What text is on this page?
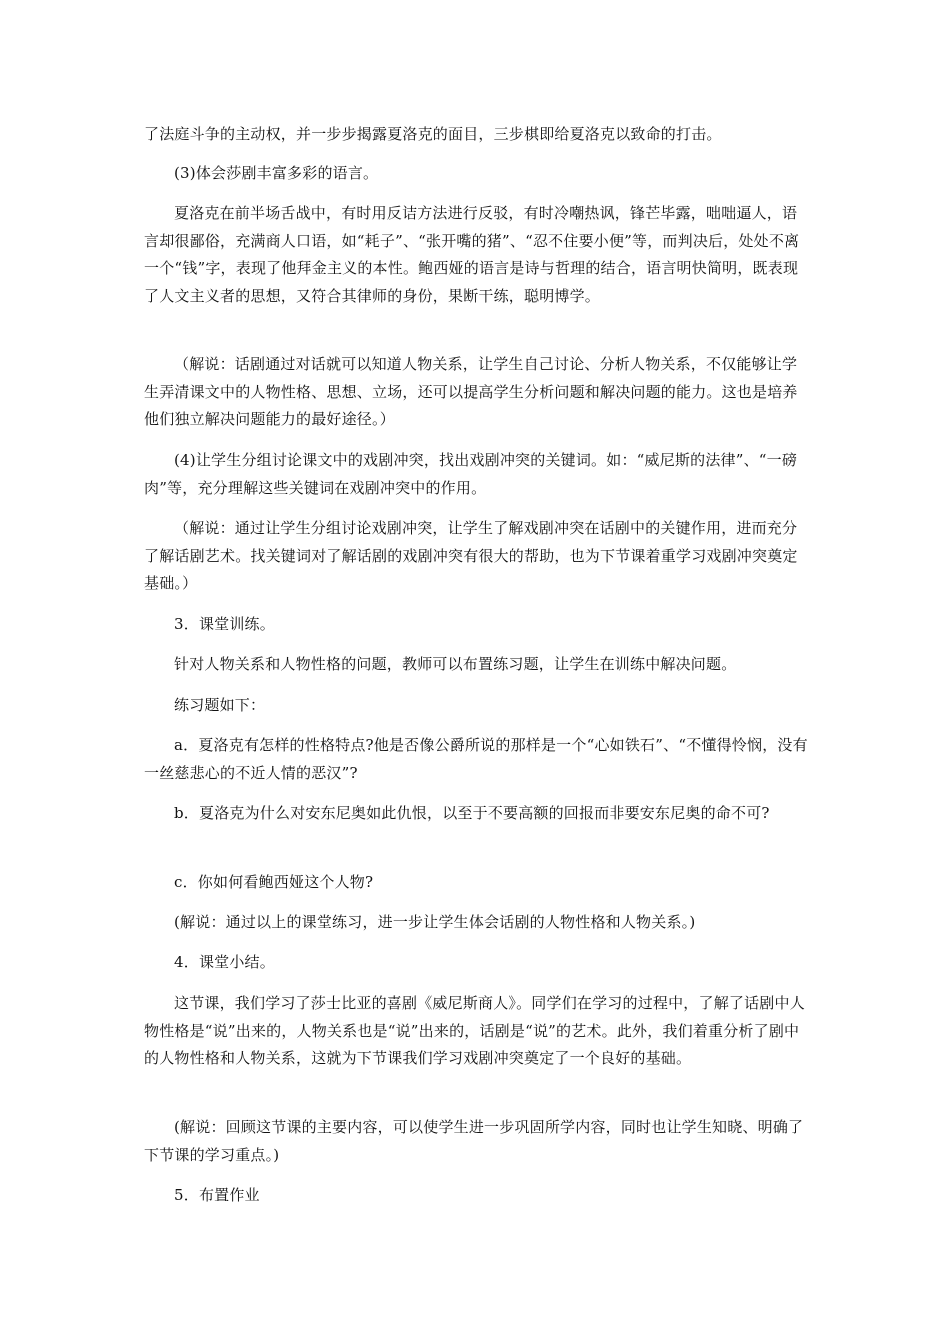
了法庭斗争的主动权，并一步步揭露夏洛克的面目，三步棋即给夏洛克以致命的打击。

(3)体会莎剧丰富多彩的语言。

夏洛克在前半场舌战中，有时用反诘方法进行反驳，有时冷嘲热讽，锋芒毕露，咄咄逼人，语言却很鄙俗，充满商人口语，如“耗子”、“张开嘴的猪”、“忍不住要小便”等，而判决后，处处不离一个“钱”字，表现了他拜金主义的本性。鲍西娅的语言是诗与哲理的结合，语言明快简明，既表现了人文主义者的思想，又符合其律师的身份，果断干练，聪明博学。

（解说：话剧通过对话就可以知道人物关系，让学生自己讨论、分析人物关系，不仅能够让学生弄清课文中的人物性格、思想、立场，还可以提高学生分析问题和解决问题的能力。这也是培养他们独立解决问题能力的最好途径。）

(4)让学生分组讨论课文中的戏剧冲突，找出戏剧冲突的关键词。如：“威尼斯的法律”、“一磅肉”等，充分理解这些关键词在戏剧冲突中的作用。

（解说：通过让学生分组讨论戏剧冲突，让学生了解戏剧冲突在话剧中的关键作用，进而充分了解话剧艺术。找关键词对了解话剧的戏剧冲突有很大的帮助，也为下节课着重学习戏剧冲突奠定基础。）

3．课堂训练。

针对人物关系和人物性格的问题，教师可以布置练习题，让学生在训练中解决问题。

练习题如下：

a．夏洛克有怎样的性格特点?他是否像公爵所说的那样是一个“心如铁石”、“不懂得怜悯，没有一丝慈悲心的不近人情的恶汉”?

b．夏洛克为什么对安东尼奥如此仇恨，以至于不要高额的回报而非要安东尼奥的命不可?

c．你如何看鲍西娅这个人物?

(解说：通过以上的课堂练习，进一步让学生体会话剧的人物性格和人物关系。)

4．课堂小结。

这节课，我们学习了莎士比亚的喜剧《威尼斯商人》。同学们在学习的过程中，了解了话剧中人物性格是“说”出来的，人物关系也是“说”出来的，话剧是“说”的艺术。此外，我们着重分析了剧中的人物性格和人物关系，这就为下节课我们学习戏剧冲突奠定了一个良好的基础。

(解说：回顾这节课的主要内容，可以使学生进一步巩固所学内容，同时也让学生知晓、明确了下节课的学习重点。)

5．布置作业
